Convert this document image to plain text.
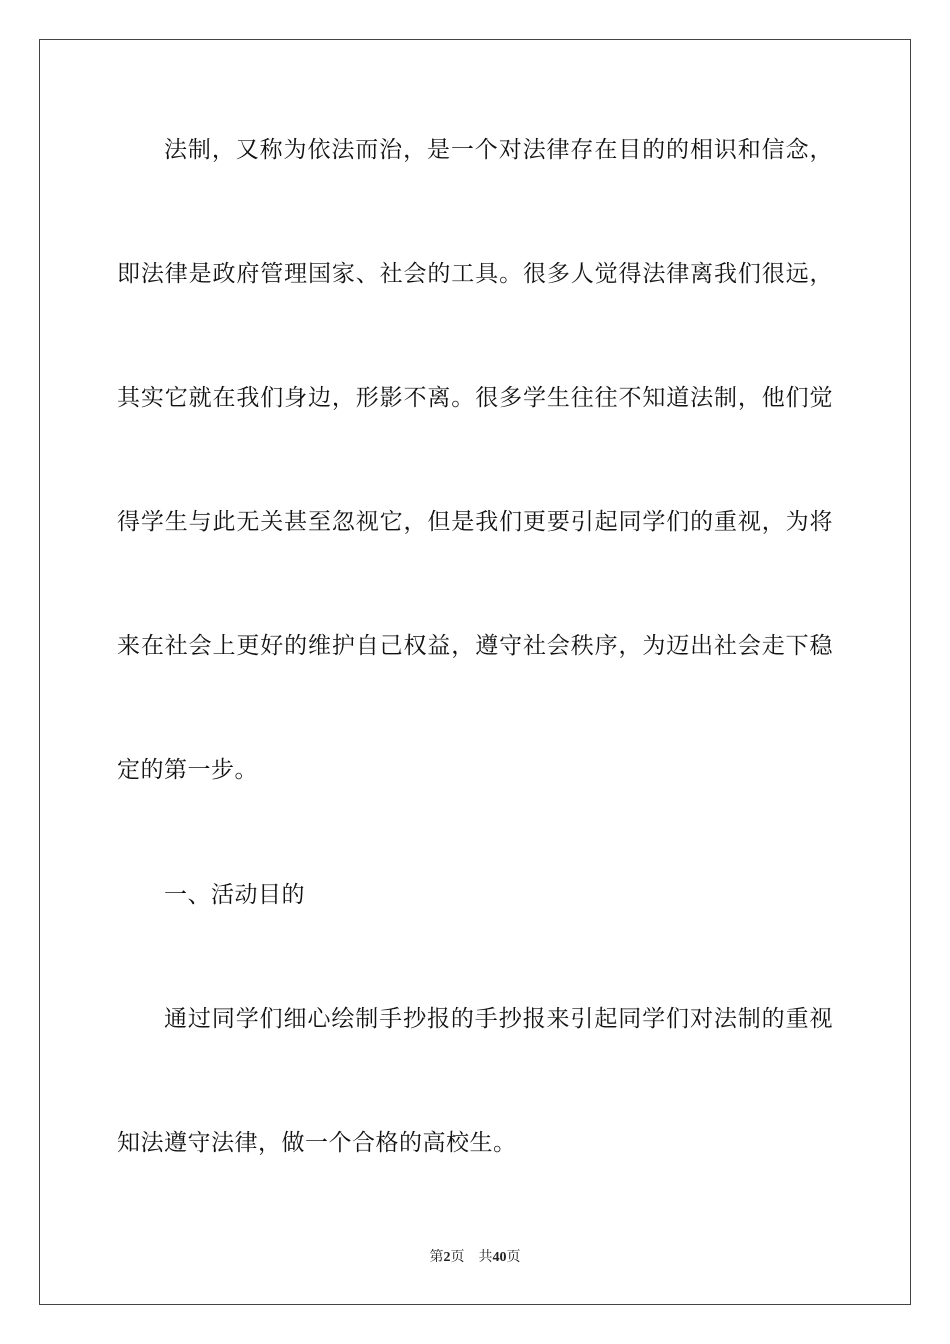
法制，又称为依法而治，是一个对法律存在目的的相识和信念，
即法律是政府管理国家、社会的工具。很多人觉得法律离我们很远，
其实它就在我们身边，形影不离。很多学生往往不知道法制，他们觉
得学生与此无关甚至忽视它，但是我们更要引起同学们的重视，为将
来在社会上更好的维护自己权益，遵守社会秩序，为迈出社会走下稳
定的第一步。
一、活动目的
通过同学们细心绘制手抄报的手抄报来引起同学们对法制的重视
知法遵守法律，做一个合格的高校生。
第2页 共40页
